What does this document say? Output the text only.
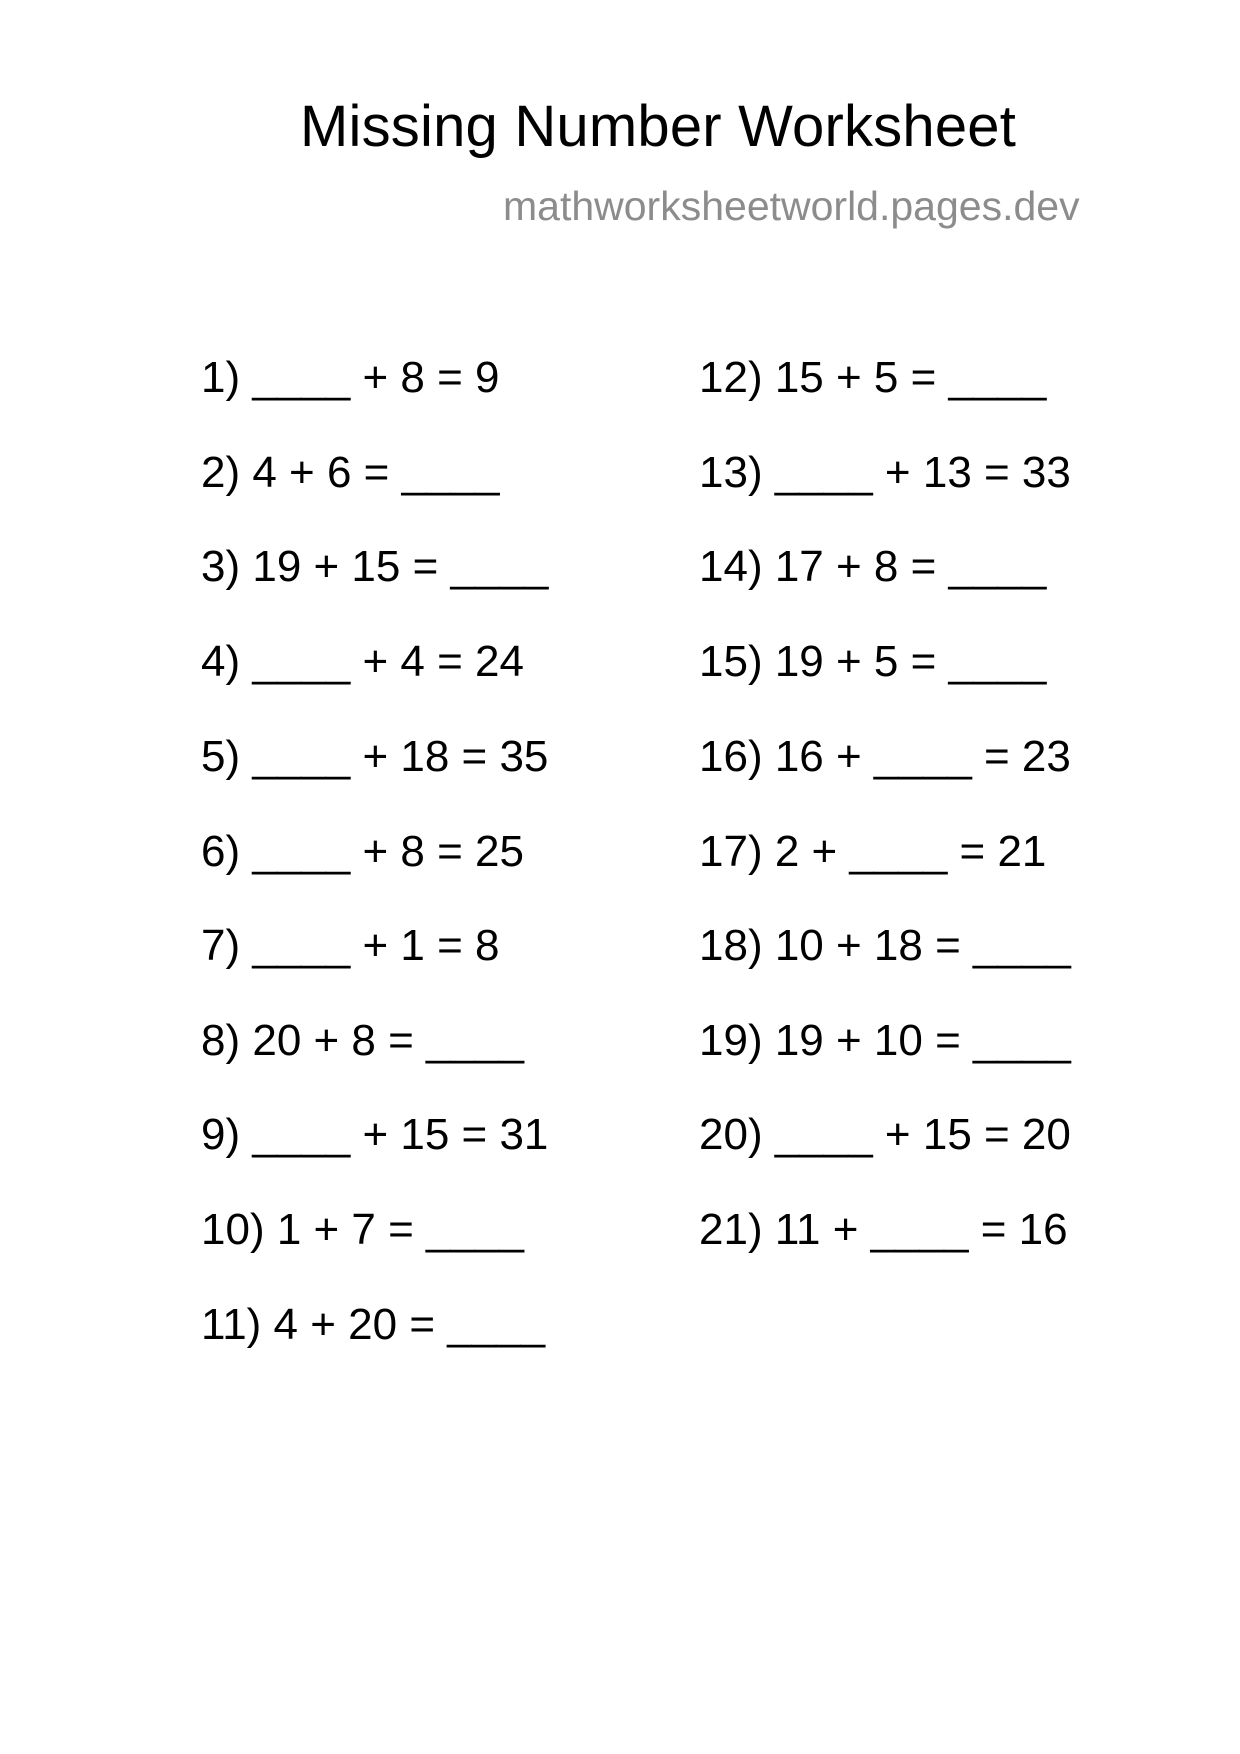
Missing Number Worksheet
mathworksheetworld.pages.dev
1) ____ + 8 = 9
2) 4 + 6 = ____
3) 19 + 15 = ____
4) ____ + 4 = 24
5) ____ + 18 = 35
6) ____ + 8 = 25
7) ____ + 1 = 8
8) 20 + 8 = ____
9) ____ + 15 = 31
10) 1 + 7 = ____
11) 4 + 20 = ____
12) 15 + 5 = ____
13) ____ + 13 = 33
14) 17 + 8 = ____
15) 19 + 5 = ____
16) 16 + ____ = 23
17) 2 + ____ = 21
18) 10 + 18 = ____
19) 19 + 10 = ____
20) ____ + 15 = 20
21) 11 + ____ = 16
